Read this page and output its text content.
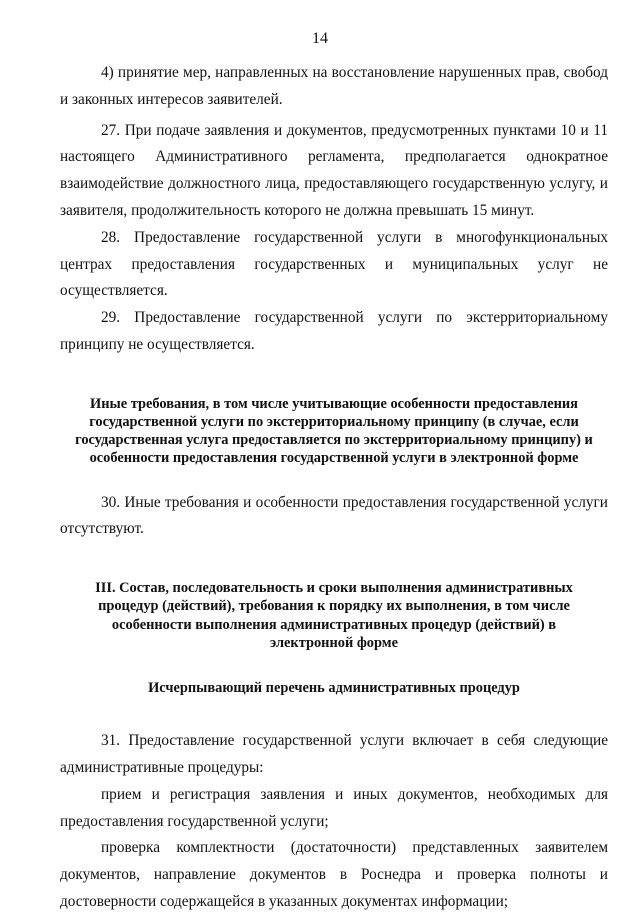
14

4) принятие мер, направленных на восстановление нарушенных прав, свобод и законных интересов заявителей.

27. При подаче заявления и документов, предусмотренных пунктами 10 и 11 настоящего Административного регламента, предполагается однократное взаимодействие должностного лица, предоставляющего государственную услугу, и заявителя, продолжительность которого не должна превышать 15 минут.

28. Предоставление государственной услуги в многофункциональных центрах предоставления государственных и муниципальных услуг не осуществляется.

29. Предоставление государственной услуги по экстерриториальному принципу не осуществляется.

Иные требования, в том числе учитывающие особенности предоставления государственной услуги по экстерриториальному принципу (в случае, если государственная услуга предоставляется по экстерриториальному принципу) и особенности предоставления государственной услуги в электронной форме

30. Иные требования и особенности предоставления государственной услуги отсутствуют.

III. Состав, последовательность и сроки выполнения административных процедур (действий), требования к порядку их выполнения, в том числе особенности выполнения административных процедур (действий) в электронной форме

Исчерпывающий перечень административных процедур

31. Предоставление государственной услуги включает в себя следующие административные процедуры:

прием и регистрация заявления и иных документов, необходимых для предоставления государственной услуги;

проверка комплектности (достаточности) представленных заявителем документов, направление документов в Роснедра и проверка полноты и достоверности содержащейся в указанных документах информации;
